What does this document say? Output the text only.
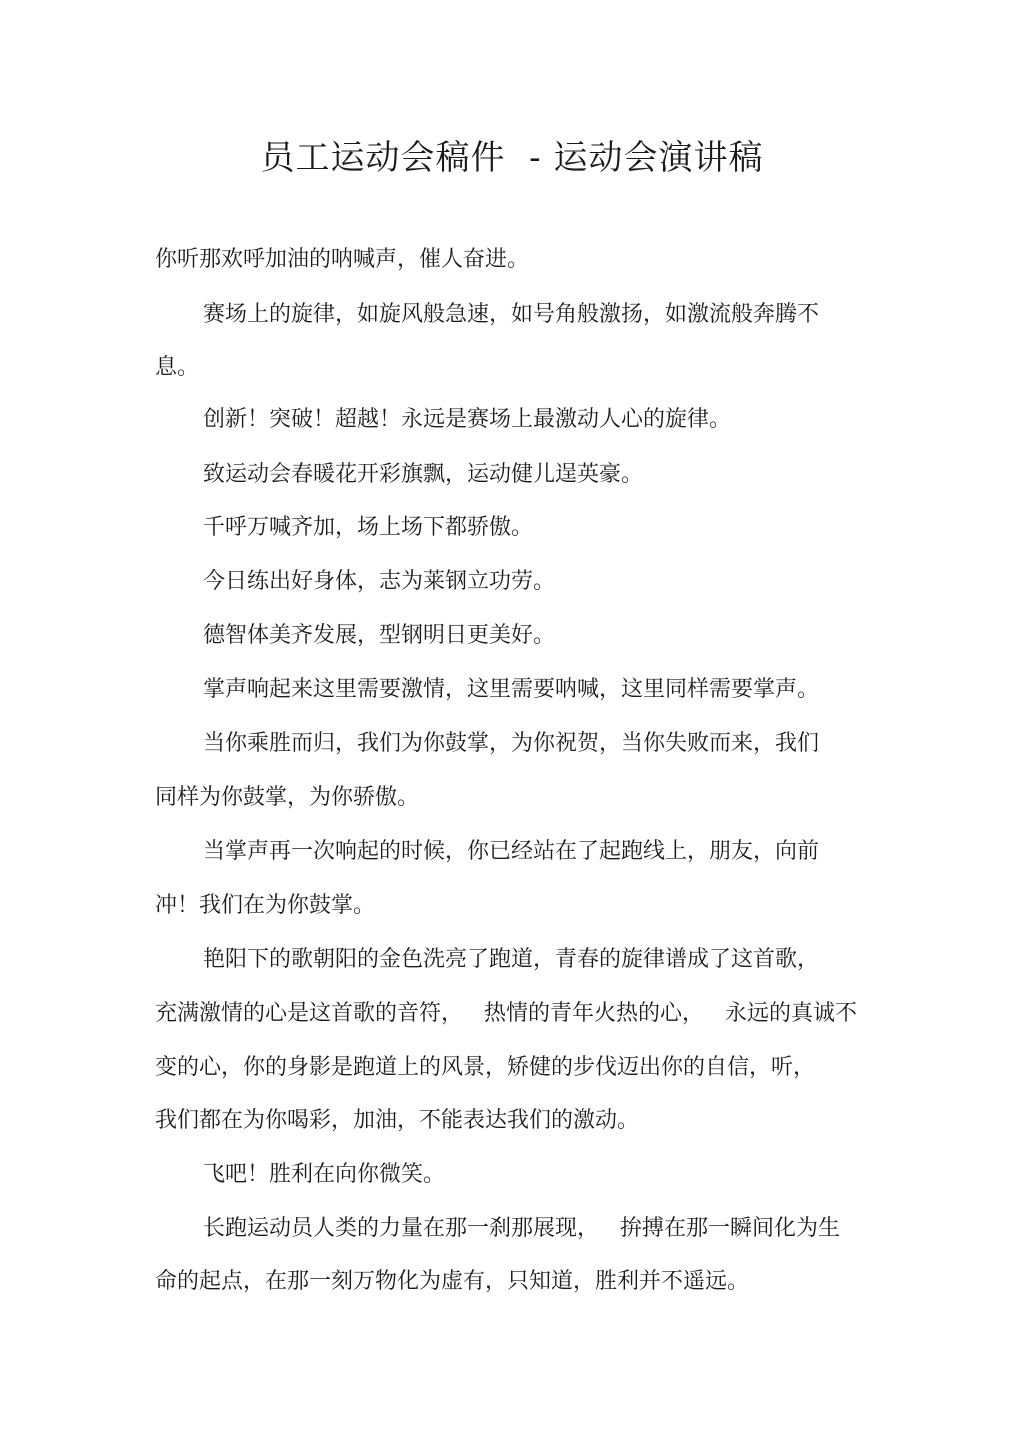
员工运动会稿件  - 运动会演讲稿

你听那欢呼加油的呐喊声，催人奋进。

赛场上的旋律，如旋风般急速，如号角般激扬，如激流般奔腾不

息。

创新！突破！超越！永远是赛场上最激动人心的旋律。

致运动会春暖花开彩旗飘，运动健儿逞英豪。

千呼万喊齐加，场上场下都骄傲。

今日练出好身体，志为莱钢立功劳。

德智体美齐发展，型钢明日更美好。

掌声响起来这里需要激情，这里需要呐喊，这里同样需要掌声。

当你乘胜而归，我们为你鼓掌，为你祝贺，当你失败而来，我们

同样为你鼓掌，为你骄傲。

当掌声再一次响起的时候，你已经站在了起跑线上，朋友，向前

冲！我们在为你鼓掌。

艳阳下的歌朝阳的金色洗亮了跑道，青春的旋律谱成了这首歌，

充满激情的心是这首歌的音符，   热情的青年火热的心，   永远的真诚不

变的心，你的身影是跑道上的风景，矫健的步伐迈出你的自信，听，

我们都在为你喝彩，加油，不能表达我们的激动。

飞吧！胜利在向你微笑。

长跑运动员人类的力量在那一刹那展现，   拚搏在那一瞬间化为生

命的起点，在那一刻万物化为虚有，只知道，胜利并不遥远。
